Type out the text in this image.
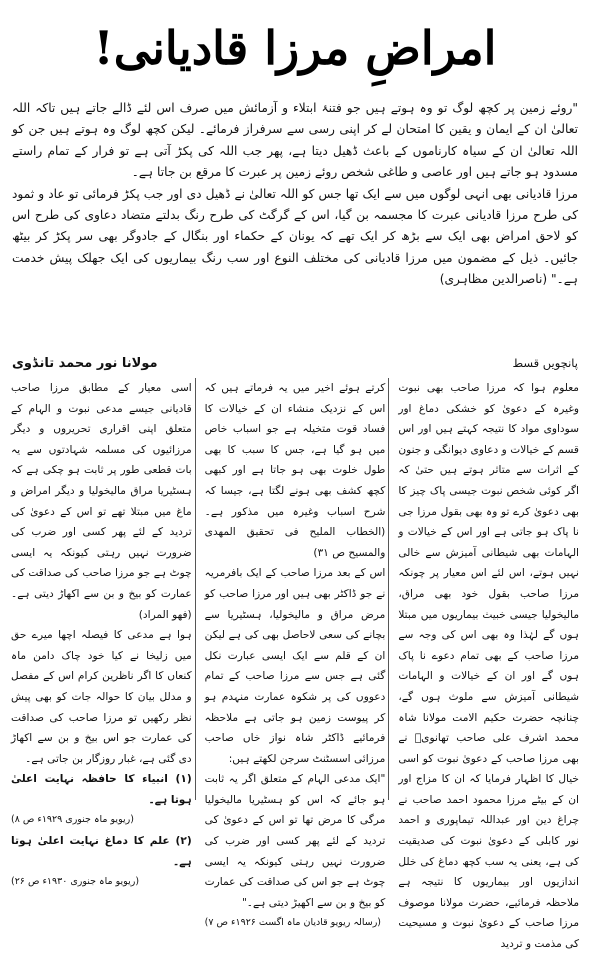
امراضِ مرزا قادیانی!

"روئے زمین پر کچھ لوگ تو وہ ہوتے ہیں جو فتنۂ ابتلاء و آزمائش میں صرف اس لئے ڈالے جاتے ہیں تاکہ اللہ تعالیٰ ان کے ایمان و یقین کا امتحان لے کر اپنی رسی سے سرفراز فرمائے۔ لیکن کچھ لوگ وہ ہوتے ہیں جن کو اللہ تعالیٰ ان کے سیاہ کارناموں کے باعث ڈھیل دیتا ہے، پھر جب اللہ کی پکڑ آتی ہے تو فرار کے تمام راستے مسدود ہو جاتے ہیں اور عاصی و طاغی شخص روئے زمین پر عبرت کا مرقع بن جاتا ہے۔

مرزا قادیانی بھی انہی لوگوں میں سے ایک تھا جس کو اللہ تعالیٰ نے ڈھیل دی اور جب پکڑ فرمائی تو عاد و ثمود کی طرح مرزا قادیانی عبرت کا مجسمہ بن گیا، اس کے گرگٹ کی طرح رنگ بدلتے متضاد دعاوی کی طرح اس کو لاحق امراض بھی ایک سے بڑھ کر ایک تھے کہ یونان کے حکماء اور بنگال کے جادوگر بھی سر پکڑ کر بیٹھ جائیں۔ ذیل کے مضمون میں مرزا قادیانی کی مختلف النوع اور سب رنگ بیماریوں کی ایک جھلک پیش خدمت ہے۔" (ناصرالدین مظاہری)

پانچویں قسط
مولانا نور محمد تانڈوی

معلوم ہوا کہ مرزا صاحب بھی نبوت وغیرہ کے دعویٰ کو خشکی دماغ اور سوداوی مواد کا نتیجہ کہتے ہیں اور اس قسم کے خیالات و دعاوی دیوانگی و جنون کے اثرات سے متاثر ہوتے ہیں حتیٰ کہ اگر کوئی شخص نبوت جیسی پاک چیز کا بھی دعویٰ کرے تو وہ بھی بقول مرزا جی نا پاک ہو جاتی ہے اور اس کے خیالات و الہامات بھی شیطانی آمیزش سے خالی نہیں ہوتے، اس لئے اس معیار پر چونکہ مرزا صاحب بقول خود بھی مراق، مالیخولیا جیسی خبیث بیماریوں میں مبتلا ہوں گے لہٰذا وہ بھی اس کی وجہ سے مرزا صاحب کے بھی تمام دعوے نا پاک ہوں گے اور ان کے خیالات و الہامات شیطانی آمیزش سے ملوث ہوں گے، چنانچہ حضرت حکیم الامت مولانا شاہ محمد اشرف علی صاحب تھانویؒ نے بھی مرزا صاحب کے دعویٰ نبوت کو اسی خیال کا اظہار فرمایا کہ ان کا مزاج اور ان کے بیٹے مرزا محمود احمد صاحب نے چراغ دین اور عبداللہ تیماپوری و احمد نور کابلی کے دعویٰ نبوت کی صدیقیت کی ہے، یعنی یہ سب کچھ دماغ کی خلل اندازیوں اور بیماریوں کا نتیجہ ہے ملاحظہ فرمائیے، حضرت مولانا موصوف مرزا صاحب کے دعویٰ نبوت و مسیحیت کی مذمت و تردید

کرتے ہوئے اخیر میں یہ فرماتے ہیں کہ اس کے نزدیک منشاء ان کے خیالات کا فساد قوت متخیلہ ہے جو اسباب خاص میں ہو گیا ہے، جس کا سبب کا بھی طول خلوت بھی ہو جاتا ہے اور کبھی کچھ کشف بھی ہونے لگتا ہے، جیسا کہ شرح اسباب وغیرہ میں مذکور ہے۔ (الخطاب المليح فى تحقيق المهدى والمسيح ص ٣١)

اس کے بعد مرزا صاحب کے ایک بافرمریہ نے جو ڈاکٹر بھی ہیں اور مرزا صاحب کو مرض مراق و مالیخولیا، ہسٹیریا سے بچانے کی سعی لاحاصل بھی کی ہے لیکن ان کے قلم سے ایک ایسی عبارت نکل گئی ہے جس سے مرزا صاحب کے تمام دعووں کی پر شکوہ عمارت منہدم ہو کر پیوست زمین ہو جاتی ہے ملاحظہ فرمائیے ڈاکٹر شاہ نواز خاں صاحب مرزائی اسسٹنٹ سرجن لکھتے ہیں:

"ایک مدعی الہام کے متعلق اگر یہ ثابت ہو جائے کہ اس کو ہسٹیریا مالیخولیا مرگی کا مرض تھا تو اس کے دعویٰ کی تردید کے لئے پھر کسی اور ضرب کی ضرورت نہیں رہتی کیونکہ یہ ایسی چوٹ ہے جو اس کی صداقت کی عمارت کو بیخ و بن سے اکھیڑ دیتی ہے۔"

(رسالہ ریویو قادیان ماہ اگست ۱۹۲۶ء ص ۷)

اسی معیار کے مطابق مرزا صاحب قادیانی جیسے مدعی نبوت و الہام کے متعلق اپنی اقراری تحریروں و دیگر مرزائیوں کی مسلمہ شہادتوں سے یہ بات قطعی طور پر ثابت ہو چکی ہے کہ ہسٹیریا مراق مالیخولیا و دیگر امراض و ماغ میں مبتلا تھے تو اس کے دعویٰ کی تردید کے لئے پھر کسی اور ضرب کی ضرورت نہیں رہتی کیونکہ یہ ایسی چوٹ ہے جو مرزا صاحب کی صداقت کی عمارت کو بیخ و بن سے اکھاڑ دیتی ہے۔ (فهو المراد)

ہوا ہے مدعی کا فیصلہ اچھا میرے حق میں زلیخا نے کیا خود چاک دامن ماہ کنعاں کا اگر ناظرین کرام اس کے مفصل و مدلل بیان کا حوالہ جات کو بھی پیش نظر رکھیں تو مرزا صاحب کی صداقت کی عمارت جو اس بیخ و بن سے اکھاڑ دی گئی ہے، غبار روزگار بن جاتی ہے۔

(۱) انبیاء کا حافظہ نہایت اعلیٰ ہوتا ہے۔

(ریویو ماہ جنوری ۱۹۲۹ء ص ۸)

(۲) علم کا دماغ نہایت اعلیٰ ہوتا ہے۔

(ریویو ماہ جنوری ۱۹۳۰ء ص ۲۶)
